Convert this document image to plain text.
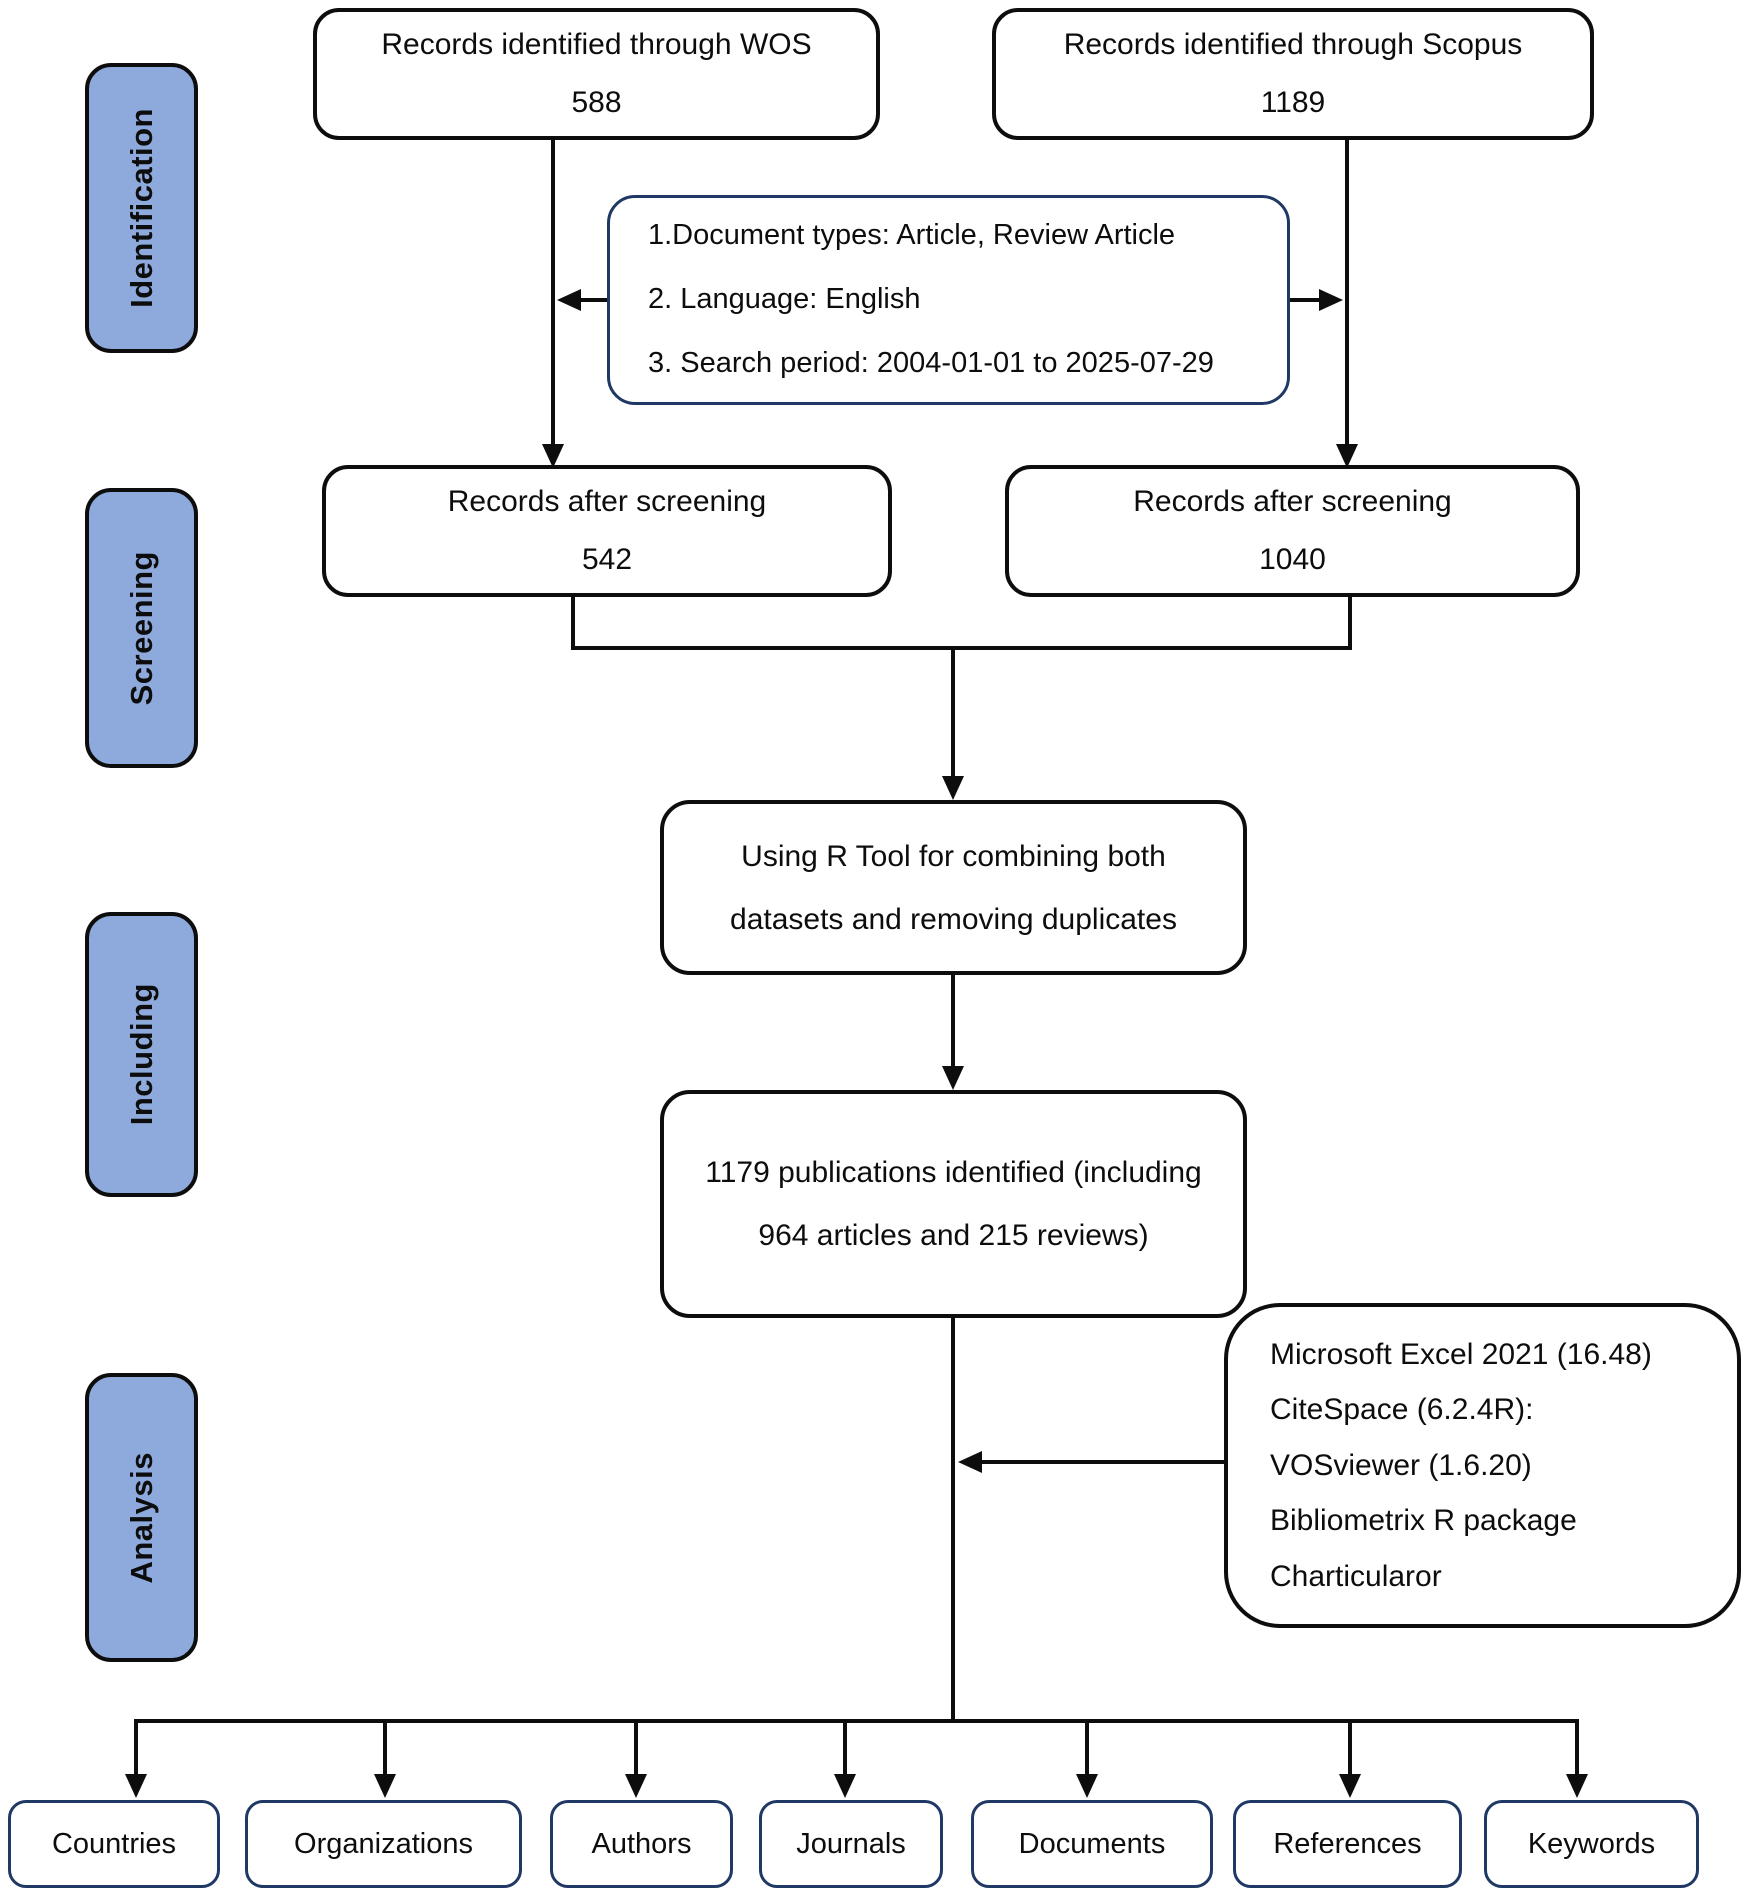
Identification
Screening
Including
Analysis
Records identified through WOS
588
Records identified through Scopus
1189
1.Document types: Article, Review Article
2. Language: English
3. Search period: 2004-01-01 to 2025-07-29
Records after screening
542
Records after screening
1040
Using R Tool for combining both datasets and removing duplicates
1179 publications identified (including 964 articles and 215 reviews)
Microsoft Excel 2021 (16.48)
CiteSpace (6.2.4R):
VOSviewer (1.6.20)
Bibliometrix R package
Charticularor
Countries	Organizations	Authors	Journals	Documents	References	Keywords
